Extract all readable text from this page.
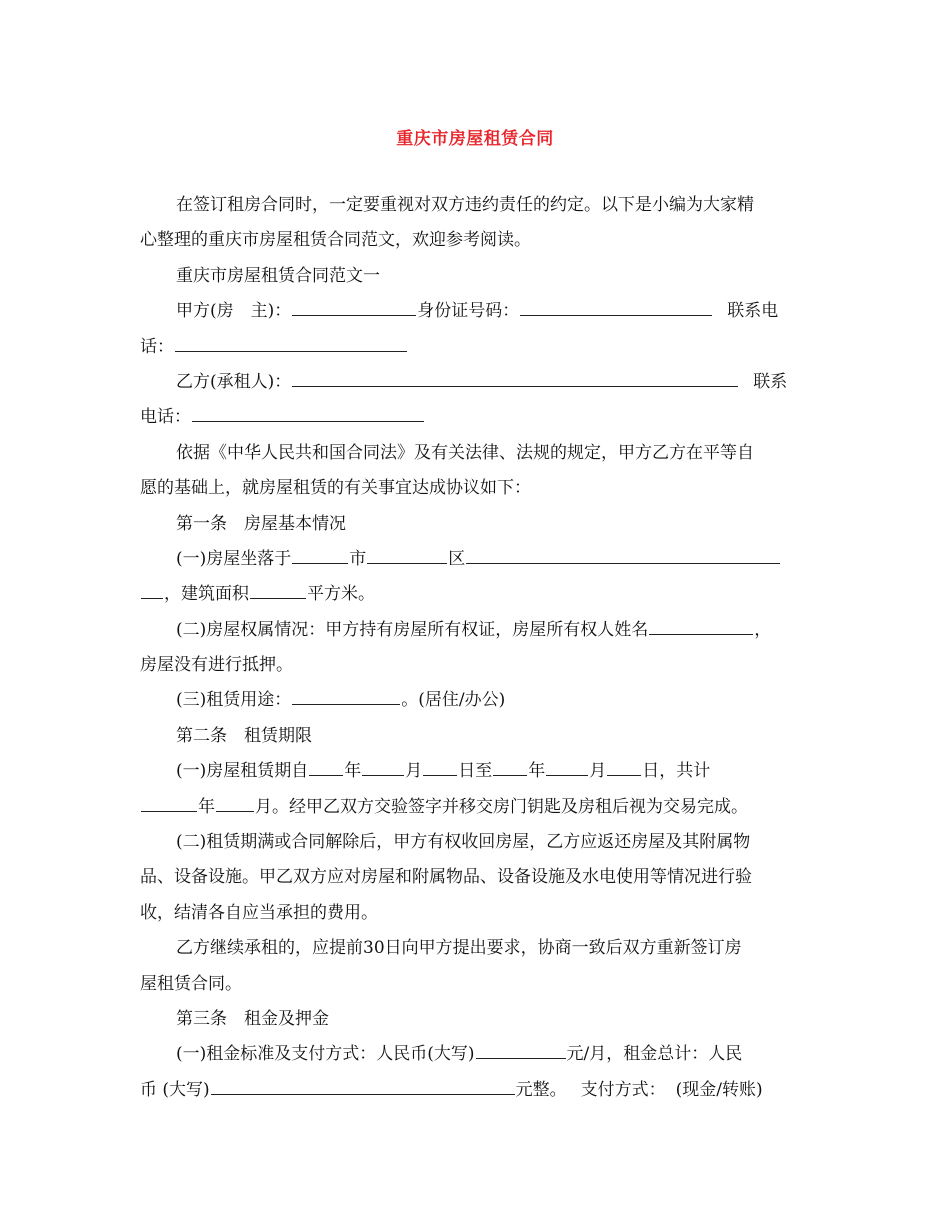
重庆市房屋租赁合同
在签订租房合同时，一定要重视对双方违约责任的约定。以下是小编为大家精
心整理的重庆市房屋租赁合同范文，欢迎参考阅读。
重庆市房屋租赁合同范文一
甲方(房　主)：	身份证号码：	联系电
话：
乙方(承租人)：	联系
电话：
依据《中华人民共和国合同法》及有关法律、法规的规定，甲方乙方在平等自
愿的基础上，就房屋租赁的有关事宜达成协议如下：
第一条　房屋基本情况
(一)房屋坐落于	市	区
，建筑面积	平方米。
(二)房屋权属情况：甲方持有房屋所有权证，房屋所有权人姓名	，
房屋没有进行抵押。
(三)租赁用途：	。(居住/办公)
第二条　租赁期限
(一)房屋租赁期自 年	月 日至 年	月 日，共计
年 月。经甲乙双方交验签字并移交房门钥匙及房租后视为交易完成。
(二)租赁期满或合同解除后，甲方有权收回房屋，乙方应返还房屋及其附属物
品、设备设施。甲乙双方应对房屋和附属物品、设备设施及水电使用等情况进行验
收，结清各自应当承担的费用。
乙方继续承租的，应提前30日向甲方提出要求，协商一致后双方重新签订房
屋租赁合同。
第三条　租金及押金
(一)租金标准及支付方式：人民币(大写)	元/月，租金总计：人民
币 (大写)	元整。 支付方式： (现金/转账)
